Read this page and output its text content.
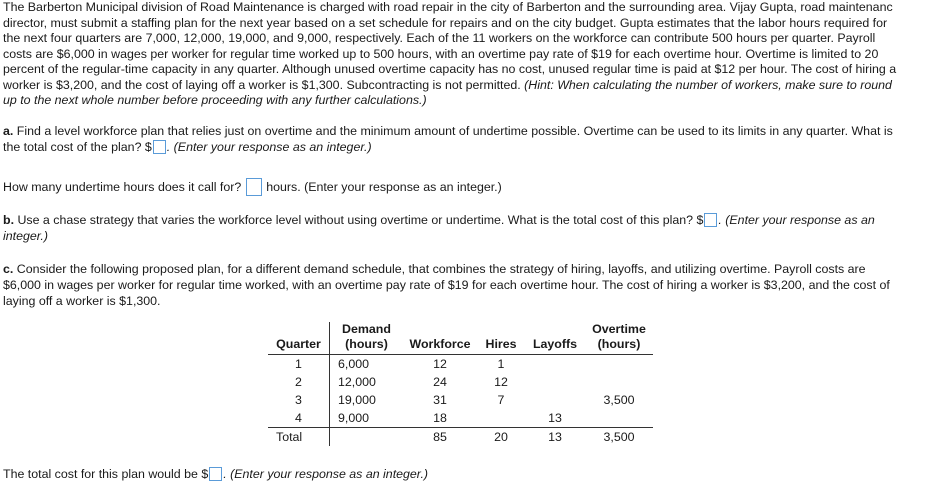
The Barberton Municipal division of Road Maintenance is charged with road repair in the city of Barberton and the surrounding area. Vijay Gupta, road maintenanc
director, must submit a staffing plan for the next year based on a set schedule for repairs and on the city budget. Gupta estimates that the labor hours required for
the next four quarters are 7,000, 12,000, 19,000, and 9,000, respectively. Each of the 11 workers on the workforce can contribute 500 hours per quarter. Payroll
costs are $6,000 in wages per worker for regular time worked up to 500 hours, with an overtime pay rate of $19 for each overtime hour. Overtime is limited to 20
percent of the regular-time capacity in any quarter. Although unused overtime capacity has no cost, unused regular time is paid at $12 per hour. The cost of hiring a
worker is $3,200, and the cost of laying off a worker is $1,300. Subcontracting is not permitted. (Hint: When calculating the number of workers, make sure to round
up to the next whole number before proceeding with any further calculations.)
a. Find a level workforce plan that relies just on overtime and the minimum amount of undertime possible. Overtime can be used to its limits in any quarter. What is
the total cost of the plan? $ . (Enter your response as an integer.)
How many undertime hours does it call for? hours. (Enter your response as an integer.)
b. Use a chase strategy that varies the workforce level without using overtime or undertime. What is the total cost of this plan? $ . (Enter your response as an
integer.)
c. Consider the following proposed plan, for a different demand schedule, that combines the strategy of hiring, layoffs, and utilizing overtime. Payroll costs are
$6,000 in wages per worker for regular time worked, with an overtime pay rate of $19 for each overtime hour. The cost of hiring a worker is $3,200, and the cost of
laying off a worker is $1,300.
Quarter	Demand
(hours)	Workforce	Hires	Layoffs	Overtime
(hours)
1	6,000	12	1		
2	12,000	24	12		
3	19,000	31	7		3,500
4	9,000	18		13	
Total		85	20	13	3,500
The total cost for this plan would be $ . (Enter your response as an integer.)
